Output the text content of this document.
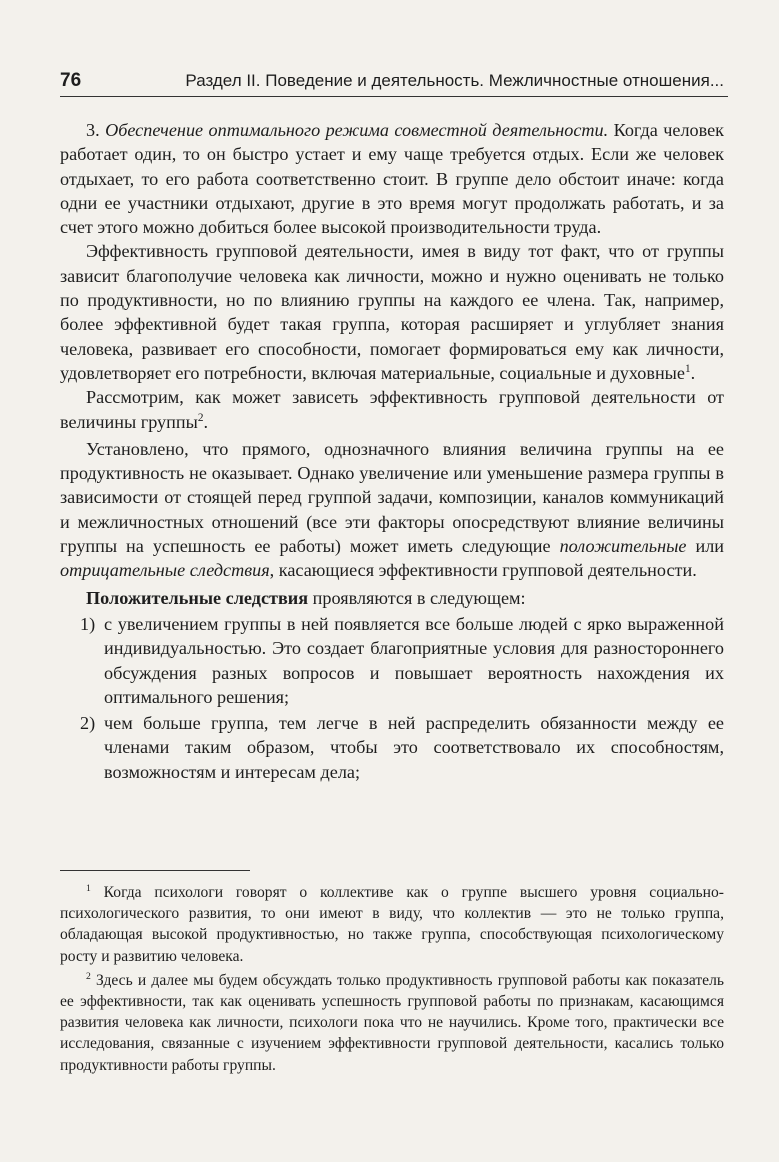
76	Раздел II. Поведение и деятельность. Межличностные отношения...

3. Обеспечение оптимального режима совместной деятельности. Когда человек работает один, то он быстро устает и ему чаще требуется отдых. Если же человек отдыхает, то его работа соответственно стоит. В группе дело обстоит иначе: когда одни ее участники отдыхают, другие в это время могут продолжать работать, и за счет этого можно добиться более высокой производительности труда.

Эффективность групповой деятельности, имея в виду тот факт, что от группы зависит благополучие человека как личности, можно и нужно оценивать не только по продуктивности, но по влиянию группы на каждого ее члена. Так, например, более эффективной будет такая группа, которая расширяет и углубляет знания человека, развивает его способности, помогает формироваться ему как личности, удовлетворяет его потребности, включая материальные, социальные и духовные$^1$.

Рассмотрим, как может зависеть эффективность групповой деятельности от величины группы$^2$.

Установлено, что прямого, однозначного влияния величина группы на ее продуктивность не оказывает. Однако увеличение или уменьшение размера группы в зависимости от стоящей перед группой задачи, композиции, каналов коммуникаций и межличностных отношений (все эти факторы опосредствуют влияние величины группы на успешность ее работы) может иметь следующие положительные или отрицательные следствия, касающиеся эффективности групповой деятельности.

Положительные следствия проявляются в следующем:

1) с увеличением группы в ней появляется все больше людей с ярко выраженной индивидуальностью. Это создает благоприятные условия для разностороннего обсуждения разных вопросов и повышает вероятность нахождения их оптимального решения;
2) чем больше группа, тем легче в ней распределить обязанности между ее членами таким образом, чтобы это соответствовало их способностям, возможностям и интересам дела;

$^1$ Когда психологи говорят о коллективе как о группе высшего уровня социально-психологического развития, то они имеют в виду, что коллектив — это не только группа, обладающая высокой продуктивностью, но также группа, способствующая психологическому росту и развитию человека.

$^2$ Здесь и далее мы будем обсуждать только продуктивность групповой работы как показатель ее эффективности, так как оценивать успешность групповой работы по признакам, касающимся развития человека как личности, психологи пока что не научились. Кроме того, практически все исследования, связанные с изучением эффективности групповой деятельности, касались только продуктивности работы группы.
